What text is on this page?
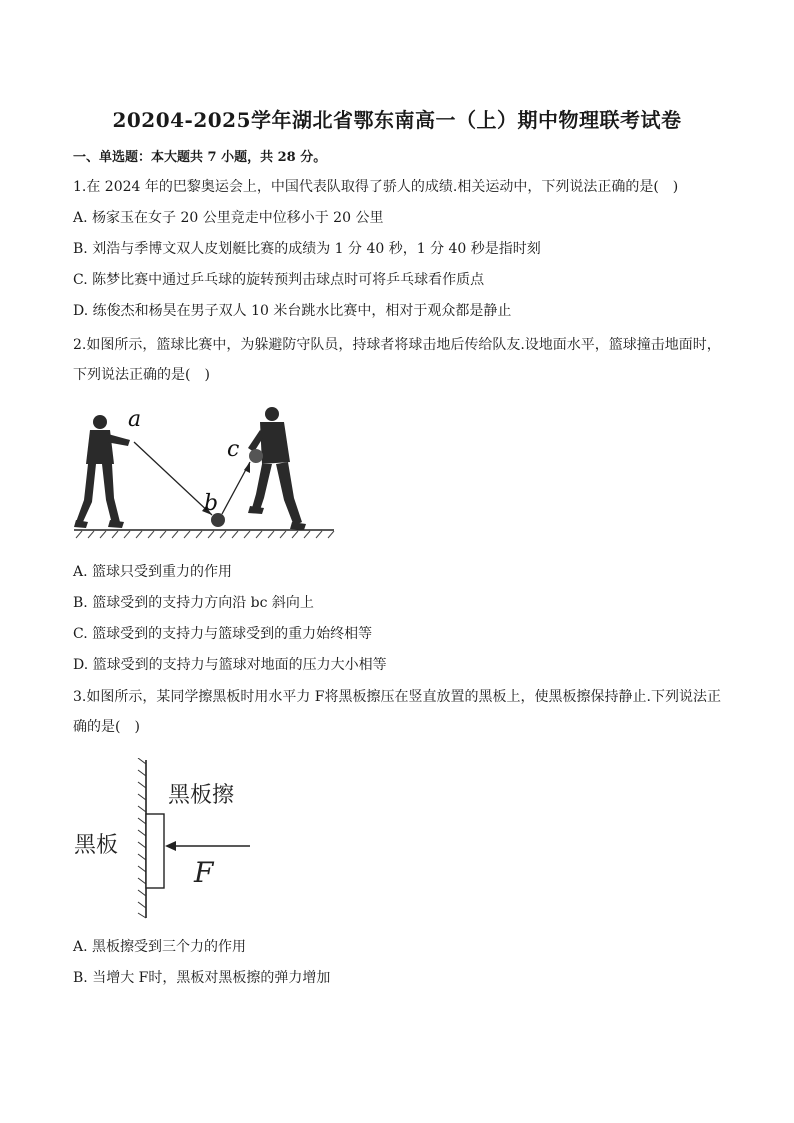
20204-2025学年湖北省鄂东南高一（上）期中物理联考试卷
一、单选题：本大题共 7 小题，共 28 分。
1.在 2024 年的巴黎奥运会上，中国代表队取得了骄人的成绩.相关运动中，下列说法正确的是(　)
A. 杨家玉在女子 20 公里竞走中位移小于 20 公里
B. 刘浩与季博文双人皮划艇比赛的成绩为 1 分 40 秒，1 分 40 秒是指时刻
C. 陈梦比赛中通过乒乓球的旋转预判击球点时可将乒乓球看作质点
D. 练俊杰和杨昊在男子双人 10 米台跳水比赛中，相对于观众都是静止
2.如图所示，篮球比赛中，为躲避防守队员，持球者将球击地后传给队友.设地面水平，篮球撞击地面时，
下列说法正确的是(　)
a
b
c
A. 篮球只受到重力的作用
B. 篮球受到的支持力方向沿 bc 斜向上
C. 篮球受到的支持力与篮球受到的重力始终相等
D. 篮球受到的支持力与篮球对地面的压力大小相等
3.如图所示，某同学擦黑板时用水平力 F将黑板擦压在竖直放置的黑板上，使黑板擦保持静止.下列说法正
确的是(　)
黑板擦
黑板
F
A. 黑板擦受到三个力的作用
B. 当增大 F时，黑板对黑板擦的弹力增加
